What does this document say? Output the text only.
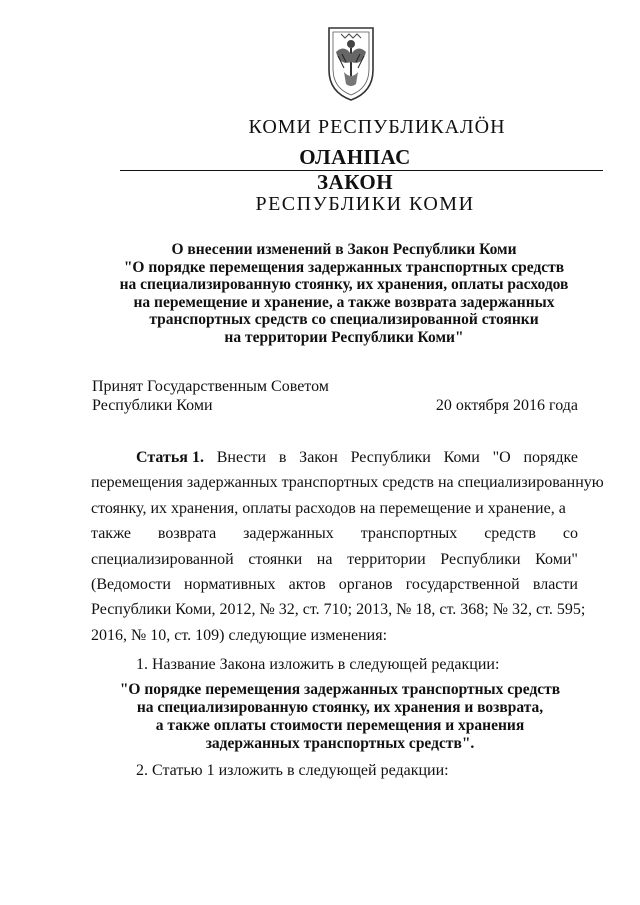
КОМИ РЕСПУБЛИКАЛÖН
ОЛАНПАС
ЗАКОН
РЕСПУБЛИКИ КОМИ
О внесении изменений в Закон Республики Коми
"О порядке перемещения задержанных транспортных средств
на специализированную стоянку, их хранения, оплаты расходов
на перемещение и хранение, а также возврата задержанных
транспортных средств со специализированной стоянки
на территории Республики Коми"
Принят Государственным Советом
Республики Коми	20 октября 2016 года
Статья 1. Внести в Закон Республики Коми "О порядке
перемещения задержанных транспортных средств на специализированную
стоянку, их хранения, оплаты расходов на перемещение и хранение, а
также возврата задержанных транспортных средств со
специализированной стоянки на территории Республики Коми"
(Ведомости нормативных актов органов государственной власти
Республики Коми, 2012, № 32, ст. 710; 2013, № 18, ст. 368; № 32, ст. 595;
2016, № 10, ст. 109) следующие изменения:
1. Название Закона изложить в следующей редакции:
"О порядке перемещения задержанных транспортных средств
на специализированную стоянку, их хранения и возврата,
а также оплаты стоимости перемещения и хранения
задержанных транспортных средств".
2. Статью 1 изложить в следующей редакции:
